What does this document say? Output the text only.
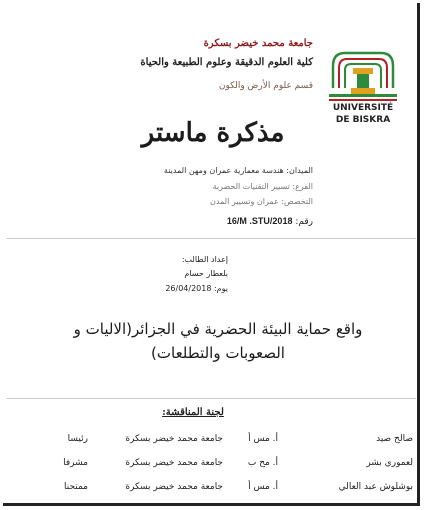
جامعة محمد خيضر بسكرة
كلية العلوم الدقيقة وعلوم الطبيعة والحياة
قسم علوم الأرض والكون
UNIVERSITÉ
DE BISKRA
مذكرة ماستر
الميدان: هندسة معمارية عمران ومهن المدينة
الفرع: تسيير التقنيات الحضرية
التخصص: عمران وتسيير المدن
رقم: 16/M .STU/2018
إعداد الطالب:
بلعطار حسام
يوم: 26/04/2018
واقع حماية البيئة الحضرية في الجزائر(الاليات و
الصعوبات والتطلعات)
لجنة المناقشة:
صالح صيد
أ. مس أ
جامعة محمد خيضر بسكرة
رئيسا
لعموري بشر
أ. مح ب
جامعة محمد خيضر بسكرة
مشرفا
بوشلوش عبد العالي
أ. مس أ
جامعة محمد خيضر بسكرة
ممتحنا
